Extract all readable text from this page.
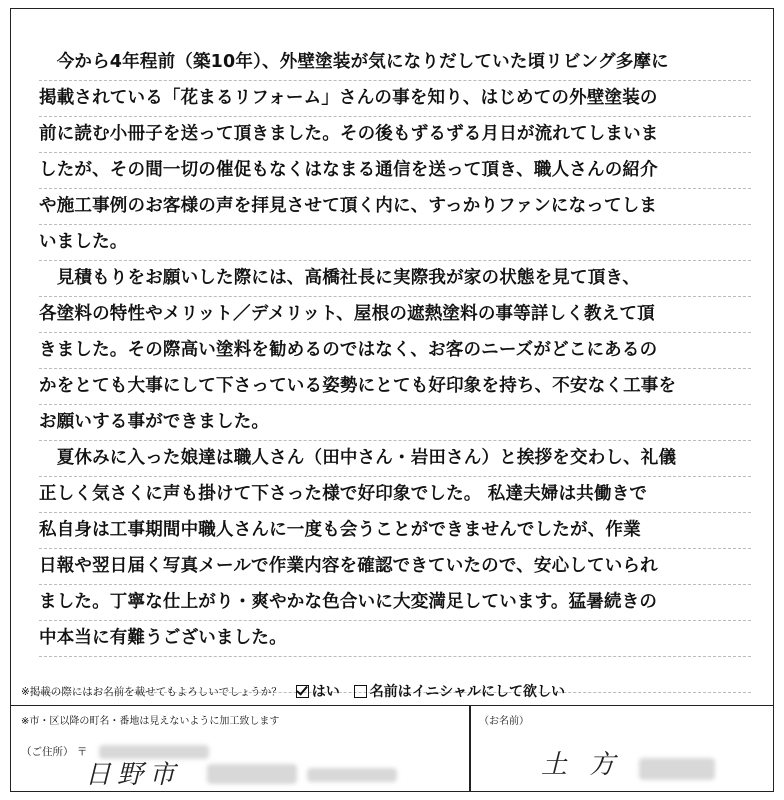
　今から4年程前（築10年）、外壁塗装が気になりだしていた頃リビング多摩に
掲載されている「花まるリフォーム」さんの事を知り、はじめての外壁塗装の
前に読む小冊子を送って頂きました。その後もずるずる月日が流れてしまいま
したが、その間一切の催促もなくはなまる通信を送って頂き、職人さんの紹介
や施工事例のお客様の声を拝見させて頂く内に、すっかりファンになってしま
いました。
　見積もりをお願いした際には、高橋社長に実際我が家の状態を見て頂き、
各塗料の特性やメリット／デメリット、屋根の遮熱塗料の事等詳しく教えて頂
きました。その際高い塗料を勧めるのではなく、お客のニーズがどこにあるの
かをとても大事にして下さっている姿勢にとても好印象を持ち、不安なく工事を
お願いする事ができました。
　夏休みに入った娘達は職人さん（田中さん・岩田さん）と挨拶を交わし、礼儀
正しく気さくに声も掛けて下さった様で好印象でした。 私達夫婦は共働きで
私自身は工事期間中職人さんに一度も会うことができませんでしたが、作業
日報や翌日届く写真メールで作業内容を確認できていたので、安心していられ
ました。丁寧な仕上がり・爽やかな色合いに大変満足しています。猛暑続きの
中本当に有難うございました。
※掲載の際にはお名前を載せてもよろしいでしょうか？ はい 名前はイニシャルにして欲しい
※市・区以降の町名・番地は見えないように加工致します
（ご住所） 〒
日野市
（お名前）
土方
